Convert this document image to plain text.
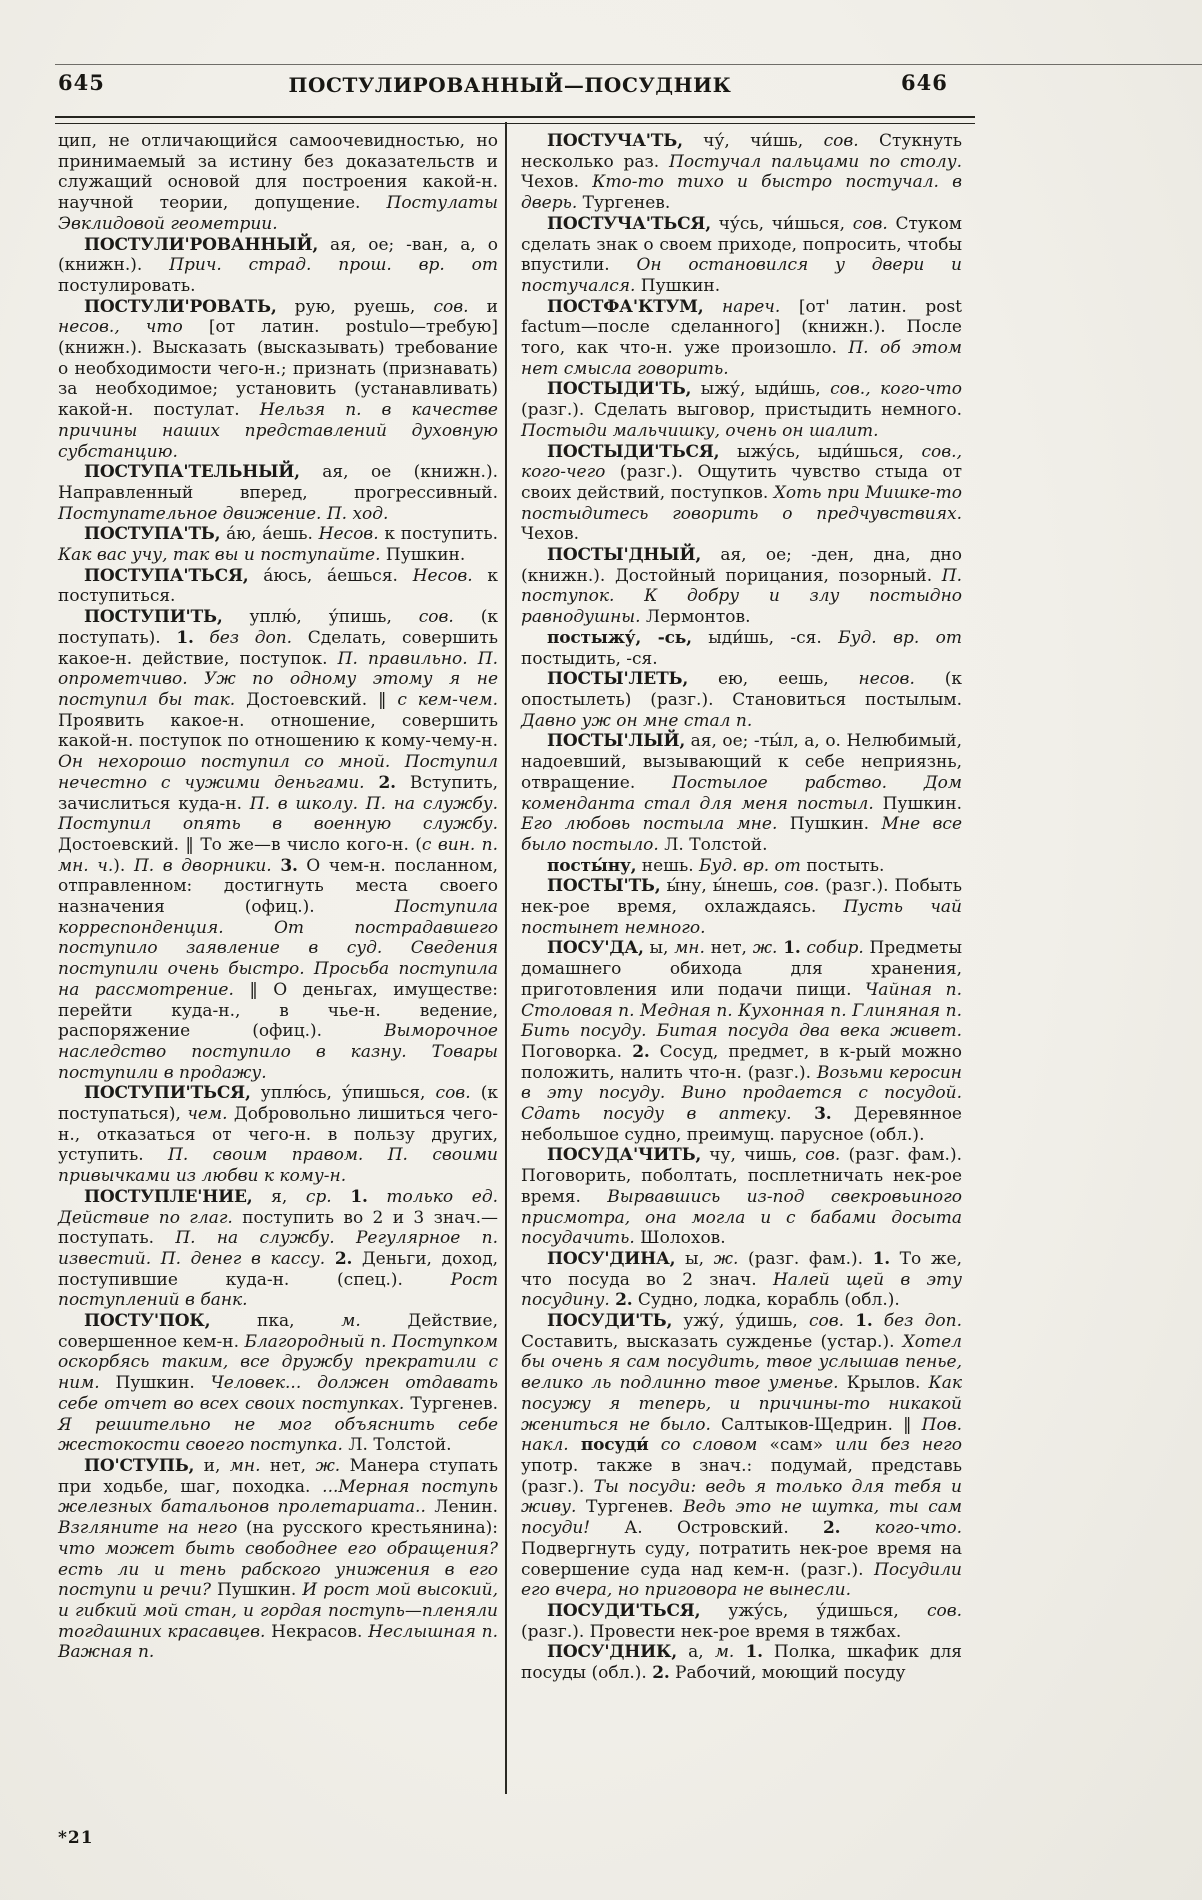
645	ПОСТУЛИРОВАННЫЙ—ПОСУДНИК	646

цип, не отличающийся самоочевидностью, но принимаемый за истину без доказательств и служащий основой для построения какой-н. научной теории, допущение. Постулаты Эвклидовой геометрии.

ПОСТУЛИ'РОВАННЫЙ, ая, ое; -ван, а, о (книжн.). Прич. страд. прош. вр. от постулировать.

ПОСТУЛИ'РОВАТЬ, рую, руешь, сов. и несов., что [от латин. postulo—требую] (книжн.). Высказать (высказывать) требование о необходимости чего-н.; признать (признавать) за необходимое; установить (устанавливать) какой-н. постулат. Нельзя п. в качестве причины наших представлений духовную субстанцию.

ПОСТУПА'ТЕЛЬНЫЙ, ая, ое (книжн.). Направленный вперед, прогрессивный. Поступательное движение. П. ход.

ПОСТУПА'ТЬ, а́ю, а́ешь. Несов. к поступить. Как вас учу, так вы и поступайте. Пушкин.

ПОСТУПА'ТЬСЯ, а́юсь, а́ешься. Несов. к поступиться.

ПОСТУПИ'ТЬ, уплю́, у́пишь, сов. (к поступать). 1. без доп. Сделать, совершить какое-н. действие, поступок. П. правильно. П. опрометчиво. Уж по одному этому я не поступил бы так. Достоевский. ‖ с кем-чем. Проявить какое-н. отношение, совершить какой-н. поступок по отношению к кому-чему-н. Он нехорошо поступил со мной. Поступил нечестно с чужими деньгами. 2. Вступить, зачислиться куда-н. П. в школу. П. на службу. Поступил опять в военную службу. Достоевский. ‖ То же—в число кого-н. (с вин. п. мн. ч.). П. в дворники. 3. О чем-н. посланном, отправленном: достигнуть места своего назначения (офиц.). Поступила корреспонденция. От пострадавшего поступило заявление в суд. Сведения поступили очень быстро. Просьба поступила на рассмотрение. ‖ О деньгах, имуществе: перейти куда-н., в чье-н. ведение, распоряжение (офиц.). Выморочное наследство поступило в казну. Товары поступили в продажу.

ПОСТУПИ'ТЬСЯ, уплю́сь, у́пишься, сов. (к поступаться), чем. Добровольно лишиться чего-н., отказаться от чего-н. в пользу других, уступить. П. своим правом. П. своими привычками из любви к кому-н.

ПОСТУПЛЕ'НИЕ, я, ср. 1. только ед. Действие по глаг. поступить во 2 и 3 знач.—поступать. П. на службу. Регулярное п. известий. П. денег в кассу. 2. Деньги, доход, поступившие куда-н. (спец.). Рост поступлений в банк.

ПОСТУ'ПОК, пка, м. Действие, совершенное кем-н. Благородный п. Поступком оскорбясь таким, все дружбу прекратили с ним. Пушкин. Человек... должен отдавать себе отчет во всех своих поступках. Тургенев. Я решительно не мог объяснить себе жестокости своего поступка. Л. Толстой.

ПО'СТУПЬ, и, мн. нет, ж. Манера ступать при ходьбе, шаг, походка. ...Мерная поступь железных батальонов пролетариата.. Ленин. Взгляните на него (на русского крестьянина): что может быть свободнее его обращения? есть ли и тень рабского унижения в его поступи и речи? Пушкин. И рост мой высокий, и гибкий мой стан, и гордая поступь—пленяли тогдашних красавцев. Некрасов. Неслышная п. Важная п.

ПОСТУЧА'ТЬ, чу́, чи́шь, сов. Стукнуть несколько раз. Постучал пальцами по столу. Чехов. Кто-то тихо и быстро постучал. в дверь. Тургенев.

ПОСТУЧА'ТЬСЯ, чу́сь, чи́шься, сов. Стуком сделать знак о своем приходе, попросить, чтобы впустили. Он остановился у двери и постучался. Пушкин.

ПОСТФА'КТУМ, нареч. [от' латин. post factum—после сделанного] (книжн.). После того, как что-н. уже произошло. П. об этом нет смысла говорить.

ПОСТЫДИ'ТЬ, ыжу́, ыди́шь, сов., кого-что (разг.). Сделать выговор, пристыдить немного. Постыди мальчишку, очень он шалит.

ПОСТЫДИ'ТЬСЯ, ыжу́сь, ыди́шься, сов., кого-чего (разг.). Ощутить чувство стыда от своих действий, поступков. Хоть при Мишке-то постыдитесь говорить о предчувствиях. Чехов.

ПОСТЫ'ДНЫЙ, ая, ое; -ден, дна, дно (книжн.). Достойный порицания, позорный. П. поступок. К добру и злу постыдно равнодушны. Лермонтов.

постыжу́, -сь, ыди́шь, -ся. Буд. вр. от постыдить, -ся.

ПОСТЫ'ЛЕТЬ, ею, еешь, несов. (к опостылеть) (разг.). Становиться постылым. Давно уж он мне стал п.

ПОСТЫ'ЛЫЙ, ая, ое; -ты́л, а, о. Нелюбимый, надоевший, вызывающий к себе неприязнь, отвращение. Постылое рабство. Дом коменданта стал для меня постыл. Пушкин. Его любовь постыла мне. Пушкин. Мне все было постыло. Л. Толстой.

посты́ну, нешь. Буд. вр. от постыть.

ПОСТЫ'ТЬ, ы́ну, ы́нешь, сов. (разг.). Побыть нек-рое время, охлаждаясь. Пусть чай постынет немного.

ПОСУ'ДА, ы, мн. нет, ж. 1. собир. Предметы домашнего обихода для хранения, приготовления или подачи пищи. Чайная п. Столовая п. Медная п. Кухонная п. Глиняная п. Бить посуду. Битая посуда два века живет. Поговорка. 2. Сосуд, предмет, в к-рый можно положить, налить что-н. (разг.). Возьми керосин в эту посуду. Вино продается с посудой. Сдать посуду в аптеку. 3. Деревянное небольшое судно, преимущ. парусное (обл.).

ПОСУДА'ЧИТЬ, чу, чишь, сов. (разг. фам.). Поговорить, поболтать, посплетничать нек-рое время. Вырвавшись из-под свекровьиного присмотра, она могла и с бабами досыта посудачить. Шолохов.

ПОСУ'ДИНА, ы, ж. (разг. фам.). 1. То же, что посуда во 2 знач. Налей щей в эту посудину. 2. Судно, лодка, корабль (обл.).

ПОСУДИ'ТЬ, ужу́, у́дишь, сов. 1. без доп. Составить, высказать сужденье (устар.). Хотел бы очень я сам посудить, твое услышав пенье, велико ль подлинно твое уменье. Крылов. Как посужу я теперь, и причины-то никакой жениться не было. Салтыков-Щедрин. ‖ Пов. накл. посуди́ со словом «сам» или без него употр. также в знач.: подумай, представь (разг.). Ты посуди: ведь я только для тебя и живу. Тургенев. Ведь это не шутка, ты сам посуди! А. Островский. 2. кого-что. Подвергнуть суду, потратить нек-рое время на совершение суда над кем-н. (разг.). Посудили его вчера, но приговора не вынесли.

ПОСУДИ'ТЬСЯ, ужу́сь, у́дишься, сов. (разг.). Провести нек-рое время в тяжбах.

ПОСУ'ДНИК, а, м. 1. Полка, шкафик для посуды (обл.). 2. Рабочий, моющий посуду

*21
